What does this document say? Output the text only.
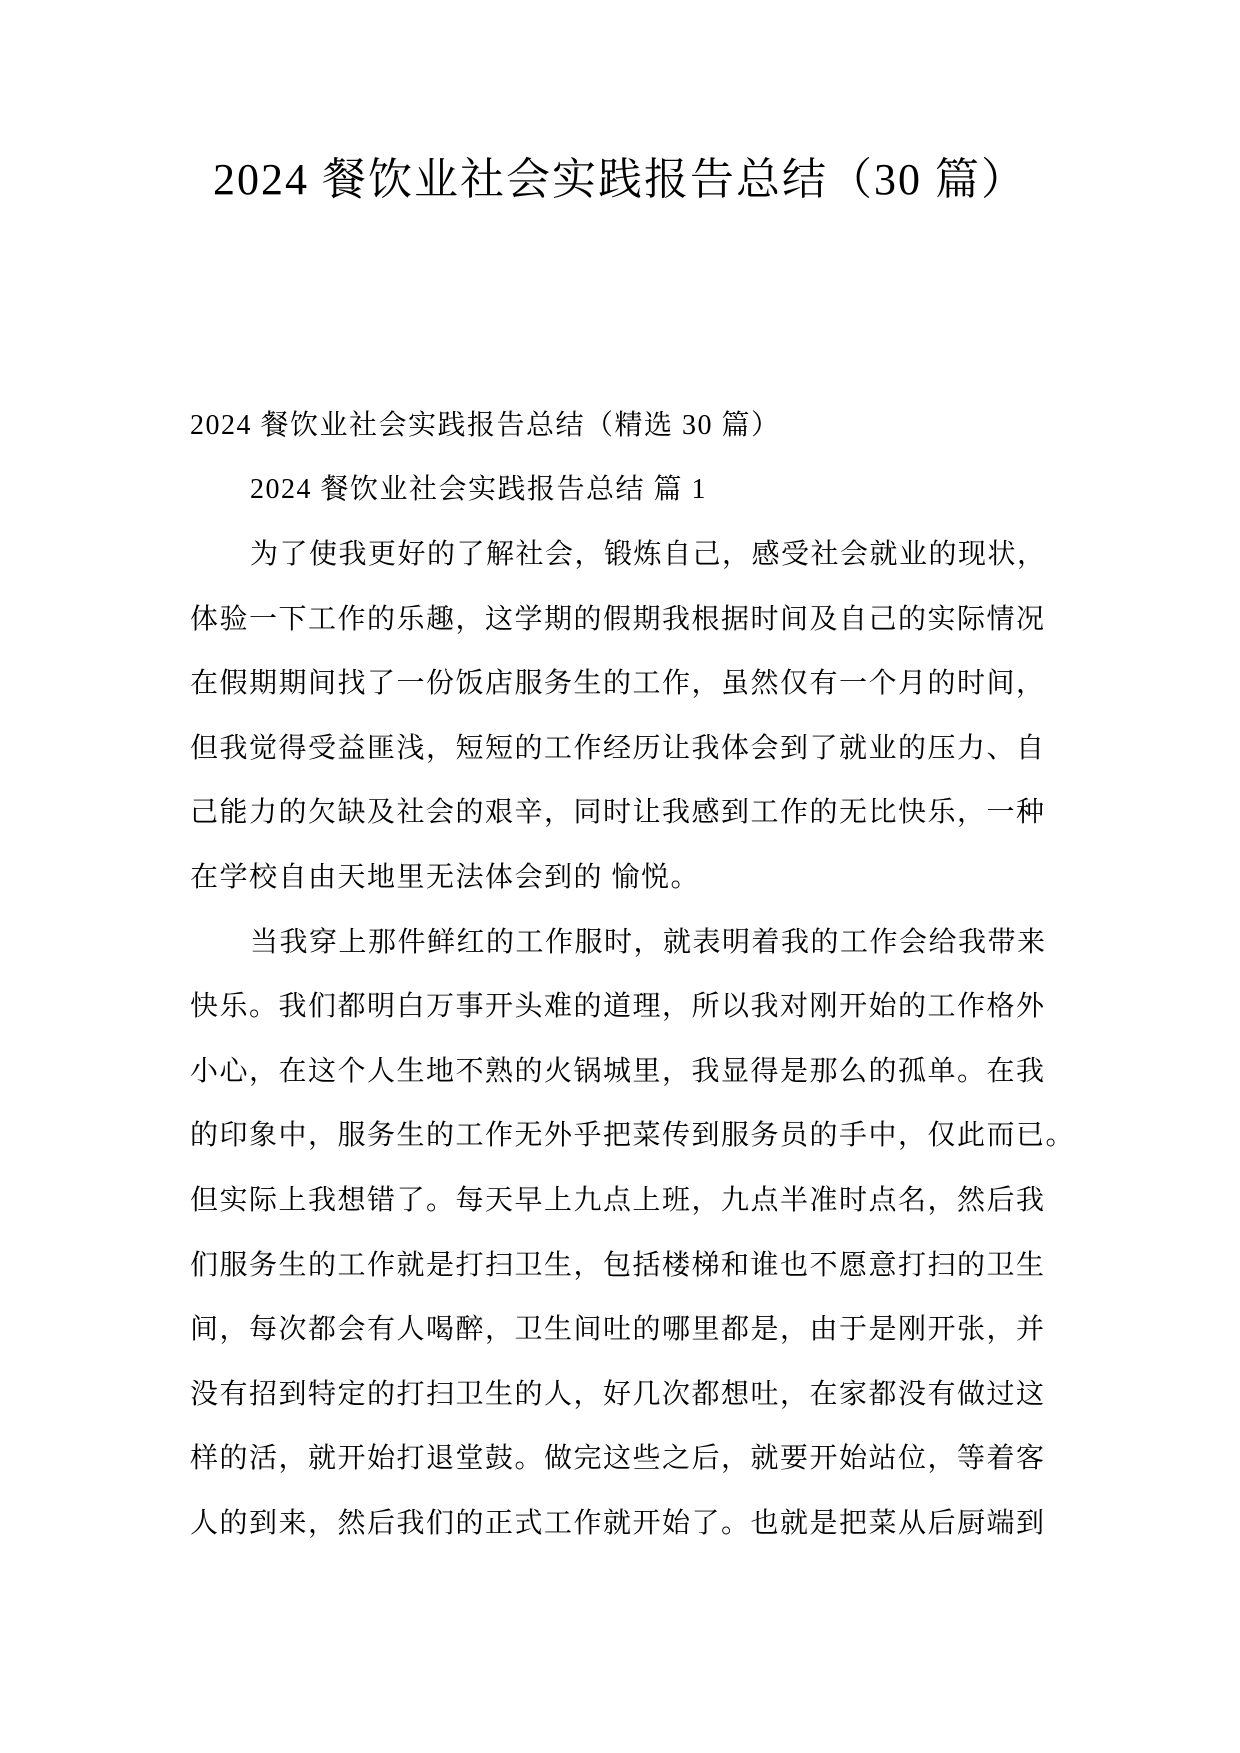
2024 餐饮业社会实践报告总结（30 篇）
2024 餐饮业社会实践报告总结（精选 30 篇）
2024 餐饮业社会实践报告总结 篇 1
为了使我更好的了解社会，锻炼自己，感受社会就业的现状，
体验一下工作的乐趣，这学期的假期我根据时间及自己的实际情况
在假期期间找了一份饭店服务生的工作，虽然仅有一个月的时间，
但我觉得受益匪浅，短短的工作经历让我体会到了就业的压力、自
己能力的欠缺及社会的艰辛，同时让我感到工作的无比快乐，一种
在学校自由天地里无法体会到的 愉悦。
当我穿上那件鲜红的工作服时，就表明着我的工作会给我带来
快乐。我们都明白万事开头难的道理，所以我对刚开始的工作格外
小心，在这个人生地不熟的火锅城里，我显得是那么的孤单。在我
的印象中，服务生的工作无外乎把菜传到服务员的手中，仅此而已。
但实际上我想错了。每天早上九点上班，九点半准时点名，然后我
们服务生的工作就是打扫卫生，包括楼梯和谁也不愿意打扫的卫生
间，每次都会有人喝醉，卫生间吐的哪里都是，由于是刚开张，并
没有招到特定的打扫卫生的人，好几次都想吐，在家都没有做过这
样的活，就开始打退堂鼓。做完这些之后，就要开始站位，等着客
人的到来，然后我们的正式工作就开始了。也就是把菜从后厨端到
